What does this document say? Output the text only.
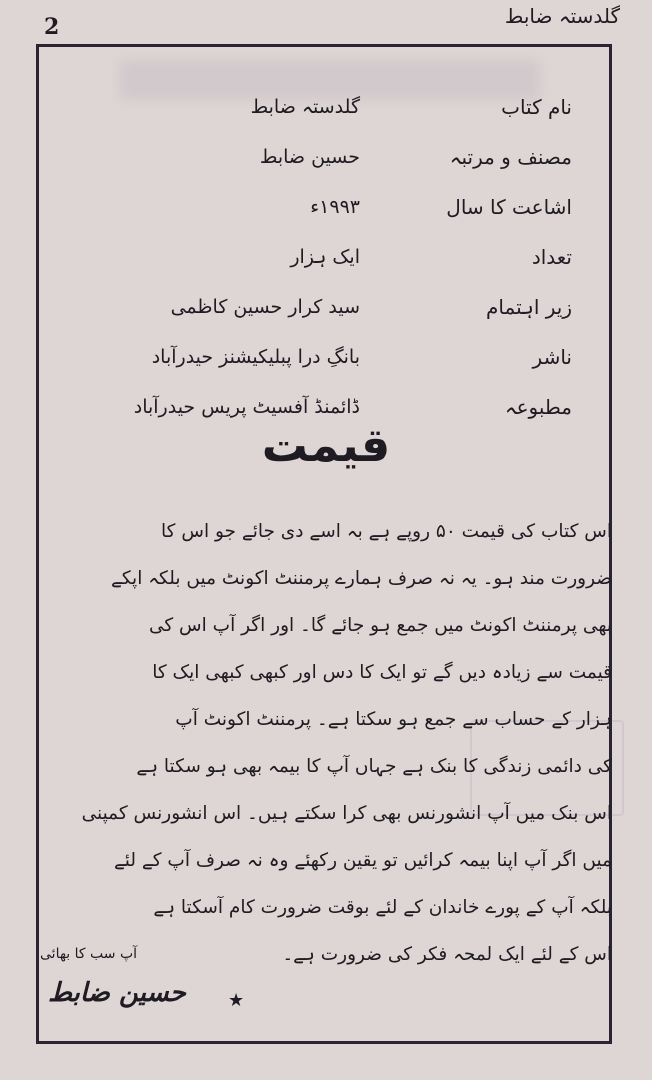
گلدستہ ضابط
2
نام کتاب
گلدستہ ضابط
مصنف و مرتبہ
حسین ضابط
اشاعت کا سال
۱۹۹۳ء
تعداد
ایک ہزار
زیر اہتمام
سید کرار حسین کاظمی
ناشر
بانگِ درا پبلیکیشنز حیدرآباد
مطبوعہ
ڈائمنڈ آفسیٹ پریس حیدرآباد
قیمت
اس کتاب کی قیمت ۵۰ روپے ہے بہ اسے دی جائے جو اس کا
ضرورت مند ہو۔ یہ نہ صرف ہمارے پرمننٹ اکونٹ میں بلکہ اپکے
بھی پرمننٹ اکونٹ میں جمع ہو جائے گا۔ اور اگر آپ اس کی
قیمت سے زیادہ دیں گے تو ایک کا دس اور کبھی کبھی ایک کا
ہزار کے حساب سے جمع ہو سکتا ہے۔ پرمننٹ اکونٹ آپ
کی دائمی زندگی کا بنک ہے جہاں آپ کا بیمہ بھی ہو سکتا ہے
اس بنک میں آپ انشورنس بھی کرا سکتے ہیں۔ اس انشورنس کمپنی
میں اگر آپ اپنا بیمہ کرائیں تو یقین رکھئے وہ نہ صرف آپ کے لئے
بلکہ آپ کے پورے خاندان کے لئے بوقت ضرورت کام آسکتا ہے
اس کے لئے ایک لمحہ فکر کی ضرورت ہے۔
آپ سب کا بھائی
حسین ضابط ★
